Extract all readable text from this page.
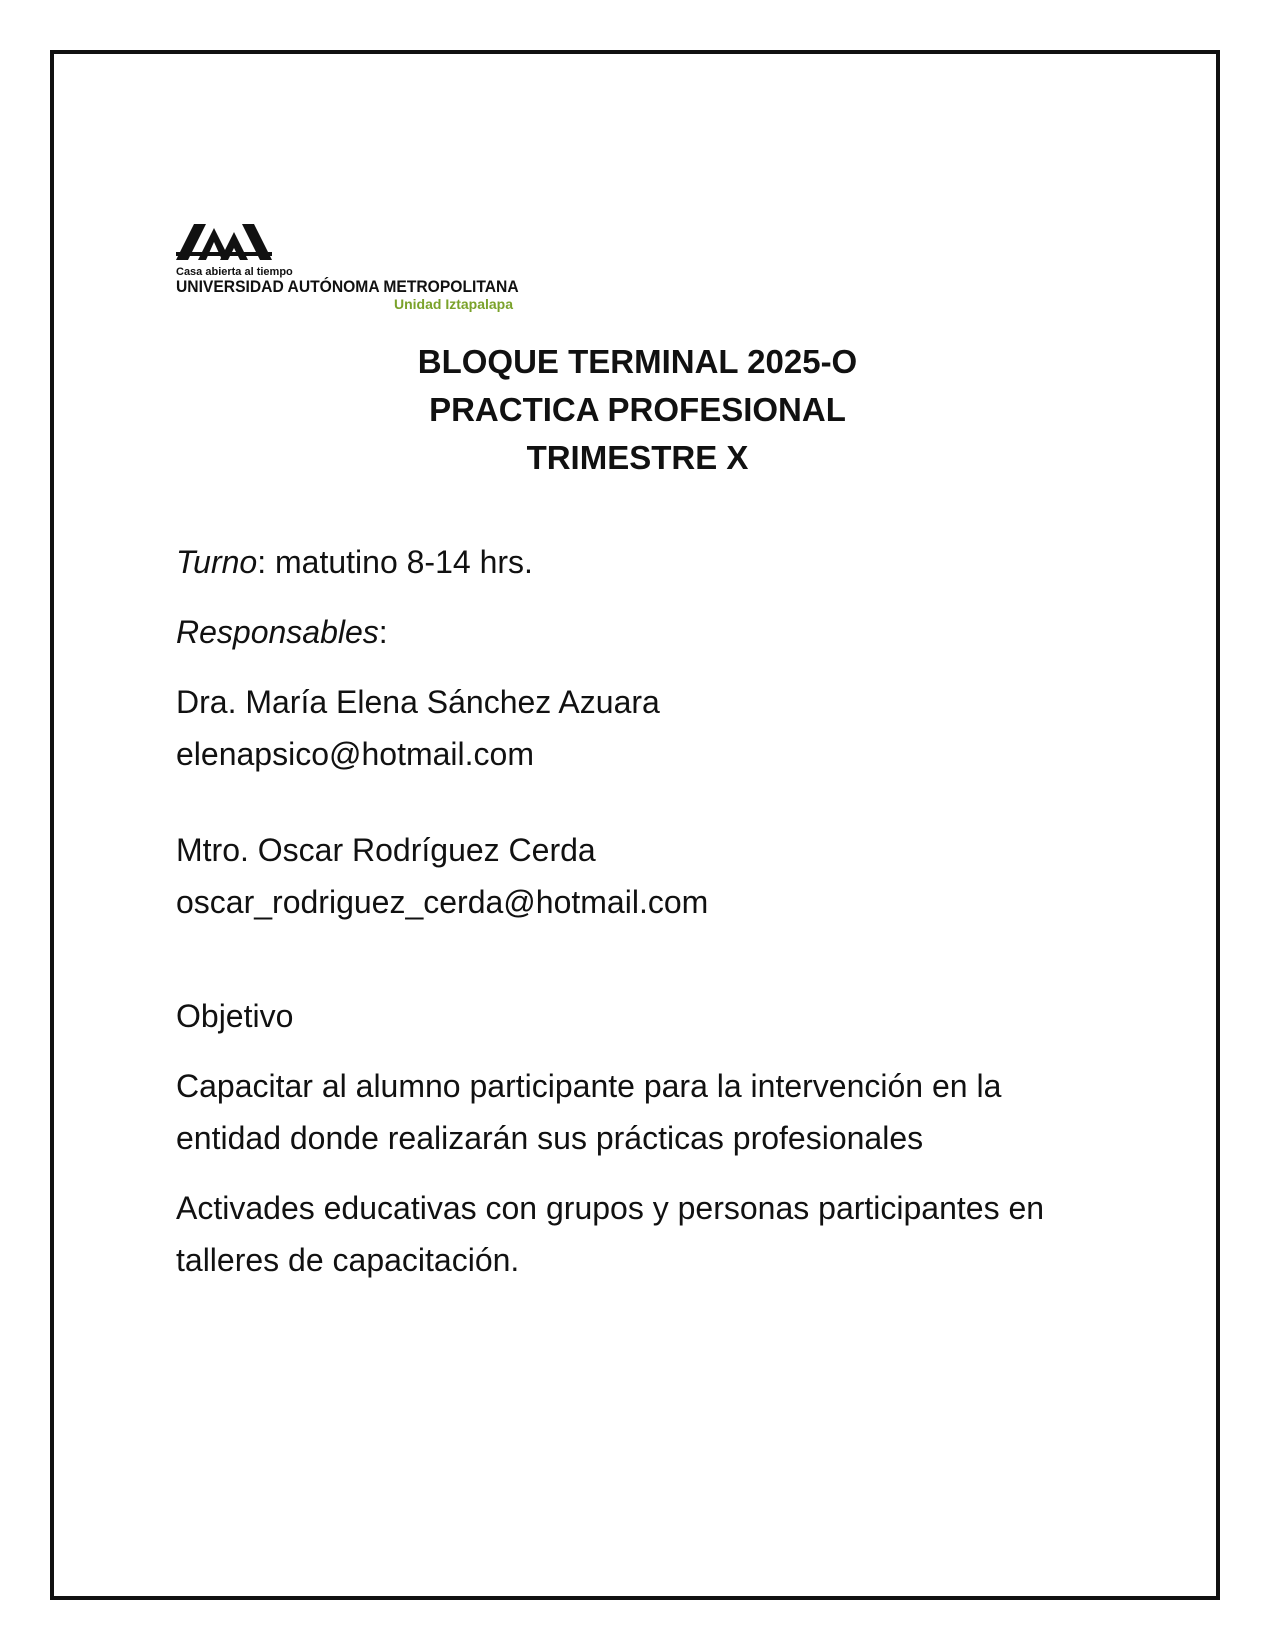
Casa abierta al tiempo
UNIVERSIDAD AUTÓNOMA METROPOLITANA
Unidad Iztapalapa
BLOQUE TERMINAL 2025-O
PRACTICA PROFESIONAL
TRIMESTRE X

Turno: matutino 8-14 hrs.

Responsables:

Dra. María Elena Sánchez Azuara

elenapsico@hotmail.com

Mtro. Oscar Rodríguez Cerda

oscar_rodriguez_cerda@hotmail.com

Objetivo

Capacitar al alumno participante para la intervención en la entidad donde realizarán sus prácticas profesionales

Activades educativas con grupos y personas participantes en talleres de capacitación.
